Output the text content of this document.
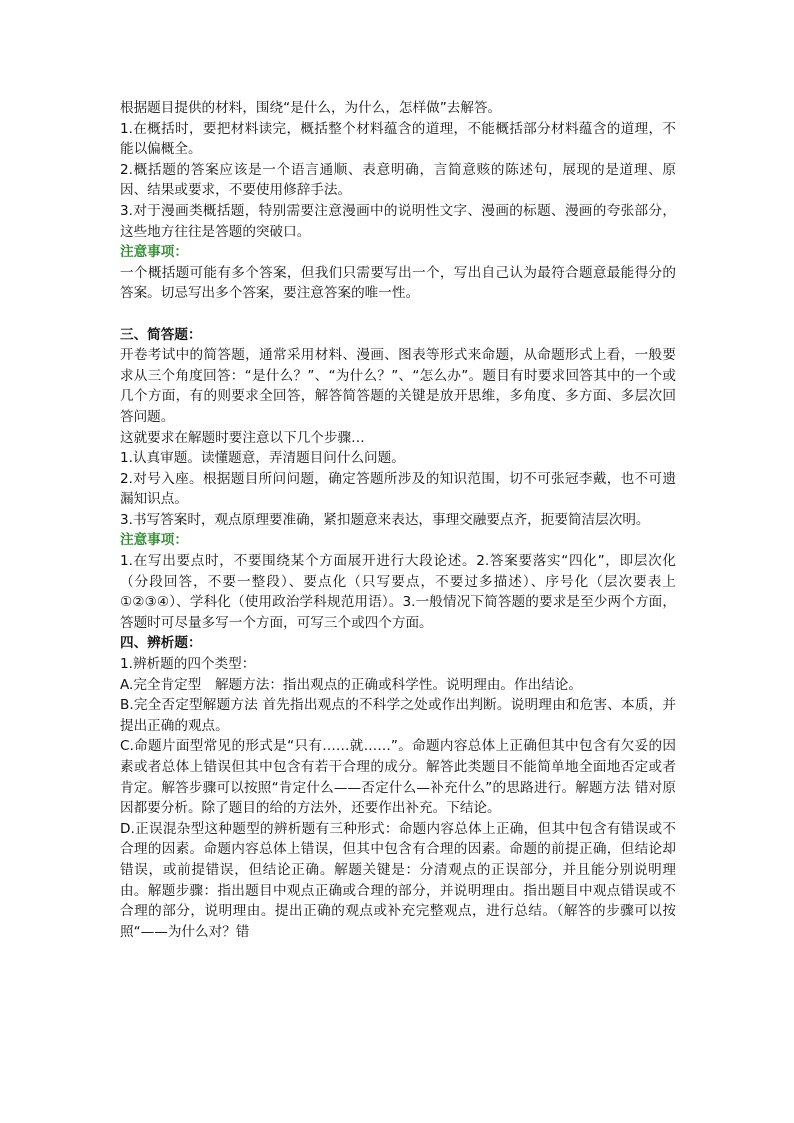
根据题目提供的材料，围绕“是什么，为什么，怎样做”去解答。

1.在概括时，要把材料读完，概括整个材料蕴含的道理，不能概括部分材料蕴含的道理，不能以偏概全。

2.概括题的答案应该是一个语言通顺、表意明确，言简意赅的陈述句，展现的是道理、原因、结果或要求，不要使用修辞手法。

3.对于漫画类概括题，特别需要注意漫画中的说明性文字、漫画的标题、漫画的夸张部分，这些地方往往是答题的突破口。

注意事项：

一个概括题可能有多个答案，但我们只需要写出一个，写出自己认为最符合题意最能得分的答案。切忌写出多个答案，要注意答案的唯一性。

三、简答题：

开卷考试中的简答题，通常采用材料、漫画、图表等形式来命题，从命题形式上看，一般要求从三个角度回答：“是什么？”、“为什么？”、“怎么办”。题目有时要求回答其中的一个或几个方面，有的则要求全回答，解答简答题的关键是放开思维，多角度、多方面、多层次回答问题。

这就要求在解题时要注意以下几个步骤…

1.认真审题。读懂题意，弄清题目问什么问题。

2.对号入座。根据题目所问问题，确定答题所涉及的知识范围，切不可张冠李戴，也不可遗漏知识点。

3.书写答案时，观点原理要准确，紧扣题意来表达，事理交融要点齐，扼要简洁层次明。

注意事项：

1.在写出要点时，不要围绕某个方面展开进行大段论述。2.答案要落实“四化”，即层次化（分段回答，不要一整段）、要点化（只写要点，不要过多描述）、序号化（层次要表上①②③④）、学科化（使用政治学科规范用语）。3.一般情况下简答题的要求是至少两个方面，答题时可尽量多写一个方面，可写三个或四个方面。

四、辨析题：

1.辨析题的四个类型：

A.完全肯定型　解题方法：指出观点的正确或科学性。说明理由。作出结论。

B.完全否定型解题方法 首先指出观点的不科学之处或作出判断。说明理由和危害、本质，并提出正确的观点。

C.命题片面型常见的形式是“只有……就……”。命题内容总体上正确但其中包含有欠妥的因素或者总体上错误但其中包含有若干合理的成分。解答此类题目不能简单地全面地否定或者肯定。解答步骤可以按照“肯定什么——否定什么—补充什么”的思路进行。解题方法 错对原因都要分析。除了题目的给的方法外，还要作出补充。下结论。

D.正误混杂型这种题型的辨析题有三种形式：命题内容总体上正确，但其中包含有错误或不合理的因素。命题内容总体上错误，但其中包含有合理的因素。命题的前提正确，但结论却错误，或前提错误，但结论正确。解题关键是：分清观点的正误部分，并且能分别说明理由。解题步骤：指出题目中观点正确或合理的部分，并说明理由。指出题目中观点错误或不合理的部分，说明理由。提出正确的观点或补充完整观点，进行总结。（解答的步骤可以按照“——为什么对？错
